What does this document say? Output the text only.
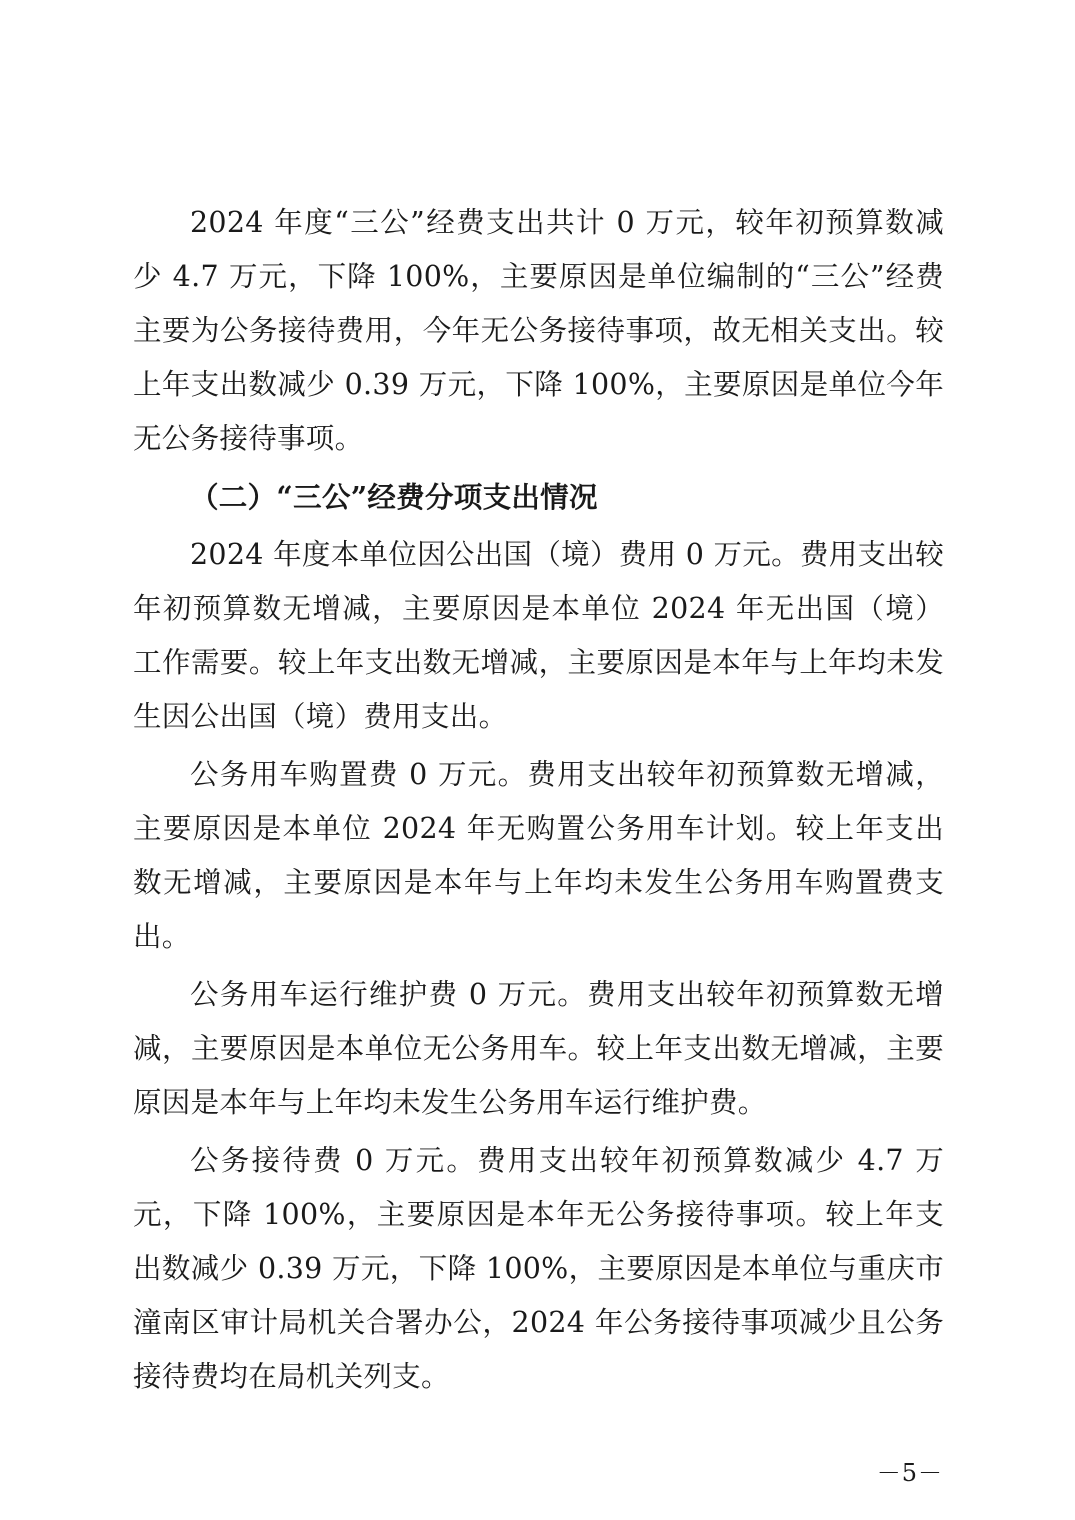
2024 年度“三公”经费支出共计 0 万元，较年初预算数减少 4.7 万元，下降 100%，主要原因是单位编制的“三公”经费主要为公务接待费用，今年无公务接待事项，故无相关支出。较上年支出数减少 0.39 万元，下降 100%，主要原因是单位今年无公务接待事项。

（二）“三公”经费分项支出情况

2024 年度本单位因公出国（境）费用 0 万元。费用支出较年初预算数无增减，主要原因是本单位 2024 年无出国（境）工作需要。较上年支出数无增减，主要原因是本年与上年均未发生因公出国（境）费用支出。

公务用车购置费 0 万元。费用支出较年初预算数无增减，主要原因是本单位 2024 年无购置公务用车计划。较上年支出数无增减，主要原因是本年与上年均未发生公务用车购置费支出。

公务用车运行维护费 0 万元。费用支出较年初预算数无增减，主要原因是本单位无公务用车。较上年支出数无增减，主要原因是本年与上年均未发生公务用车运行维护费。

公务接待费 0 万元。费用支出较年初预算数减少 4.7 万元，下降 100%，主要原因是本年无公务接待事项。较上年支出数减少 0.39 万元，下降 100%，主要原因是本单位与重庆市潼南区审计局机关合署办公，2024 年公务接待事项减少且公务接待费均在局机关列支。

－5－
